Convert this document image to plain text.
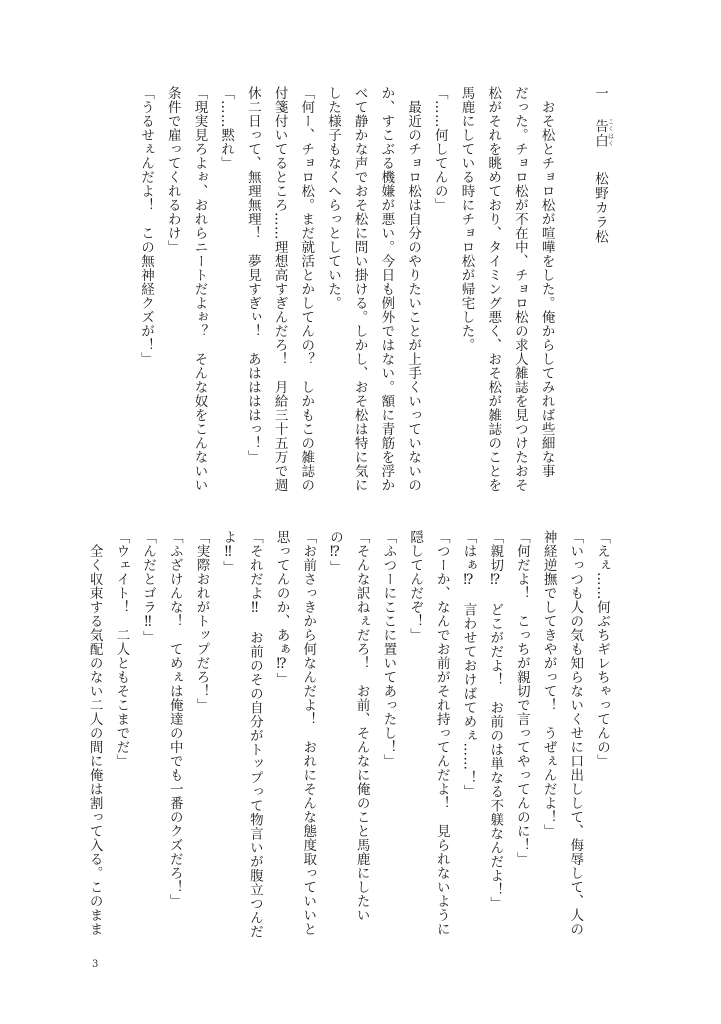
一告白こくはく松野カラ松

　おそ松とチョロ松が喧嘩をした。俺からしてみれば些細な事
だった。チョロ松が不在中、チョロ松の求人雑誌を見つけたおそ
松がそれを眺めており、タイミング悪く、おそ松が雑誌のことを
馬鹿にしている時にチョロ松が帰宅した。
「……何してんの」
　最近のチョロ松は自分のやりたいことが上手くいっていないの
か、すこぶる機嫌が悪い。今日も例外ではない。額に青筋を浮か
べて静かな声でおそ松に問い掛ける。しかし、おそ松は特に気に
した様子もなくへらっとしていた。
「何ー、チョロ松。まだ就活とかしてんの？　しかもこの雑誌の
付箋付いてるところ……理想高すぎんだろ！　月給三十五万で週
休二日って、無理無理！　夢見すぎぃ！　あははははっ！」
「……黙れ」
「現実見ろよぉ、おれらニートだよぉ？　そんな奴をこんないい
条件で雇ってくれるわけ」
「うるせぇんだよ！　この無神経クズが！」
「えぇ……何ぶちギレちゃってんの」
「いっつも人の気も知らないくせに口出しして、侮辱して、人の
神経逆撫でしてきやがって！　うぜぇんだよ！」
「何だよ！　こっちが親切で言ってやってんのに！」
「親切⁉　どこがだよ！　お前のは単なる不躾なんだよ！」
「はぁ⁉　言わせておけばてめぇ……！」
「つーか、なんでお前がそれ持ってんだよ！　見られないように
隠してんだぞ！」
「ふつーにここに置いてあったし！」
「そんな訳ねぇだろ！　お前、そんなに俺のこと馬鹿にしたい
の⁉」
「お前さっきから何なんだよ！　おれにそんな態度取っていいと
思ってんのか、あぁ⁉」
「それだよ‼　お前のその自分がトップって物言いが腹立つんだ
よ‼」
「実際おれがトップだろ！」
「ふざけんな！　てめぇは俺達の中でも一番のクズだろ！」
「んだとゴラ‼」
「ウェイト！　二人ともそこまでだ」
　全く収束する気配のない二人の間に俺は割って入る。このまま
3
